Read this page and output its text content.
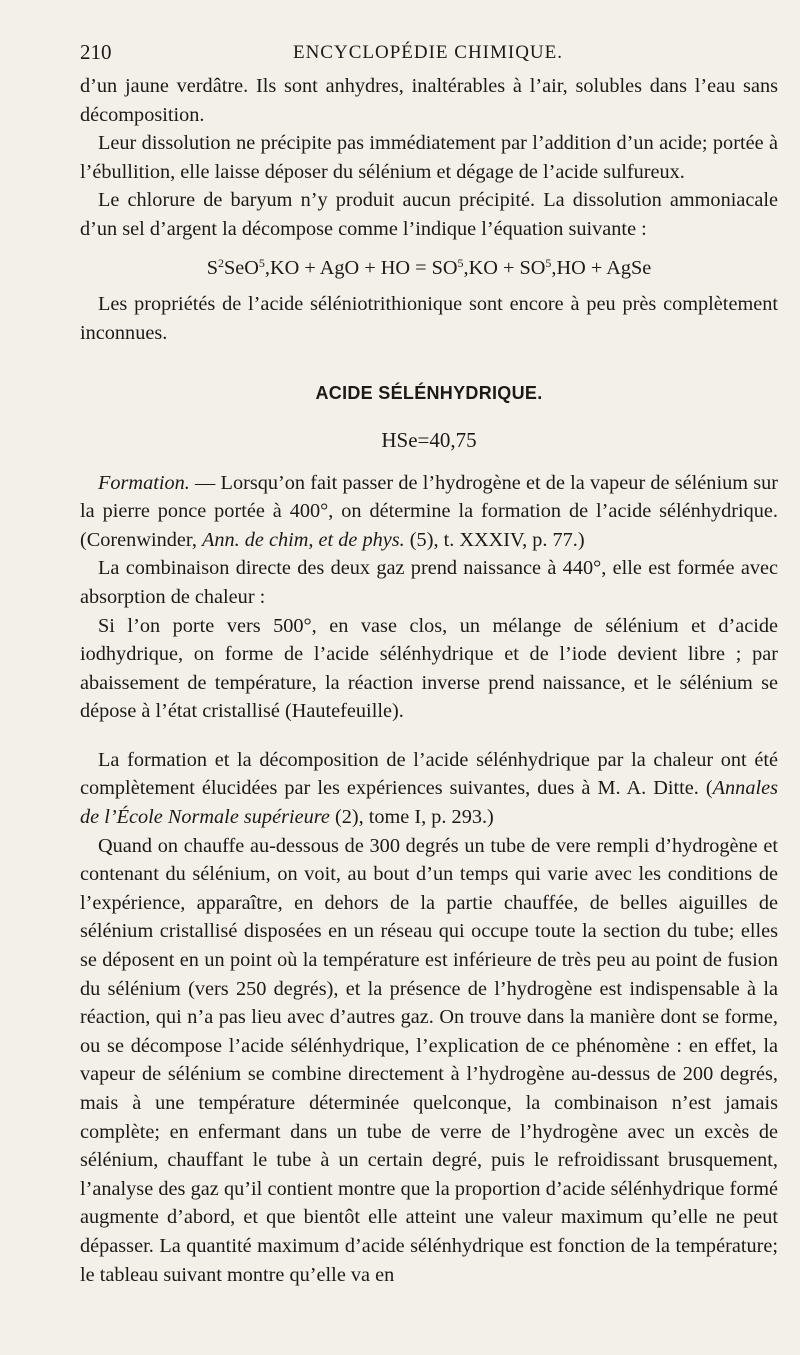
210	ENCYCLOPÉDIE CHIMIQUE.

d’un jaune verdâtre. Ils sont anhydres, inaltérables à l’air, solubles dans l’eau sans décomposition.

Leur dissolution ne précipite pas immédiatement par l’addition d’un acide; portée à l’ébullition, elle laisse déposer du sélénium et dégage de l’acide sulfureux.

Le chlorure de baryum n’y produit aucun précipité. La dissolution ammoniacale d’un sel d’argent la décompose comme l’indique l’équation suivante :

$S^2SeO^5,KO$ + AgO + HO = $SO^5,KO + SO^5,HO$ + AgSe

Les propriétés de l’acide séléniotrithionique sont encore à peu près complètement inconnues.

ACIDE SÉLÉNHYDRIQUE.

HSe=40,75

Formation. — Lorsqu’on fait passer de l’hydrogène et de la vapeur de sélénium sur la pierre ponce portée à 400°, on détermine la formation de l’acide sélénhydrique. (Corenwinder, Ann. de chim, et de phys. (5), t. XXXIV, p. 77.)

La combinaison directe des deux gaz prend naissance à 440°, elle est formée avec absorption de chaleur :

Si l’on porte vers 500°, en vase clos, un mélange de sélénium et d’acide iodhydrique, on forme de l’acide sélénhydrique et de l’iode devient libre ; par abaissement de température, la réaction inverse prend naissance, et le sélénium se dépose à l’état cristallisé (Hautefeuille).

La formation et la décomposition de l’acide sélénhydrique par la chaleur ont été complètement élucidées par les expériences suivantes, dues à M. A. Ditte. (Annales de l’École Normale supérieure (2), tome I, p. 293.)

Quand on chauffe au-dessous de 300 degrés un tube de vere rempli d’hydrogène et contenant du sélénium, on voit, au bout d’un temps qui varie avec les conditions de l’expérience, apparaître, en dehors de la partie chauffée, de belles aiguilles de sélénium cristallisé disposées en un réseau qui occupe toute la section du tube; elles se déposent en un point où la température est inférieure de très peu au point de fusion du sélénium (vers 250 degrés), et la présence de l’hydrogène est indispensable à la réaction, qui n’a pas lieu avec d’autres gaz. On trouve dans la manière dont se forme, ou se décompose l’acide sélénhydrique, l’explication de ce phénomène : en effet, la vapeur de sélénium se combine directement à l’hydrogène au-dessus de 200 degrés, mais à une température déterminée quelconque, la combinaison n’est jamais complète; en enfermant dans un tube de verre de l’hydrogène avec un excès de sélénium, chauffant le tube à un certain degré, puis le refroidissant brusquement, l’analyse des gaz qu’il contient montre que la proportion d’acide sélénhydrique formé augmente d’abord, et que bientôt elle atteint une valeur maximum qu’elle ne peut dépasser. La quantité maximum d’acide sélénhydrique est fonction de la température; le tableau suivant montre qu’elle va en
